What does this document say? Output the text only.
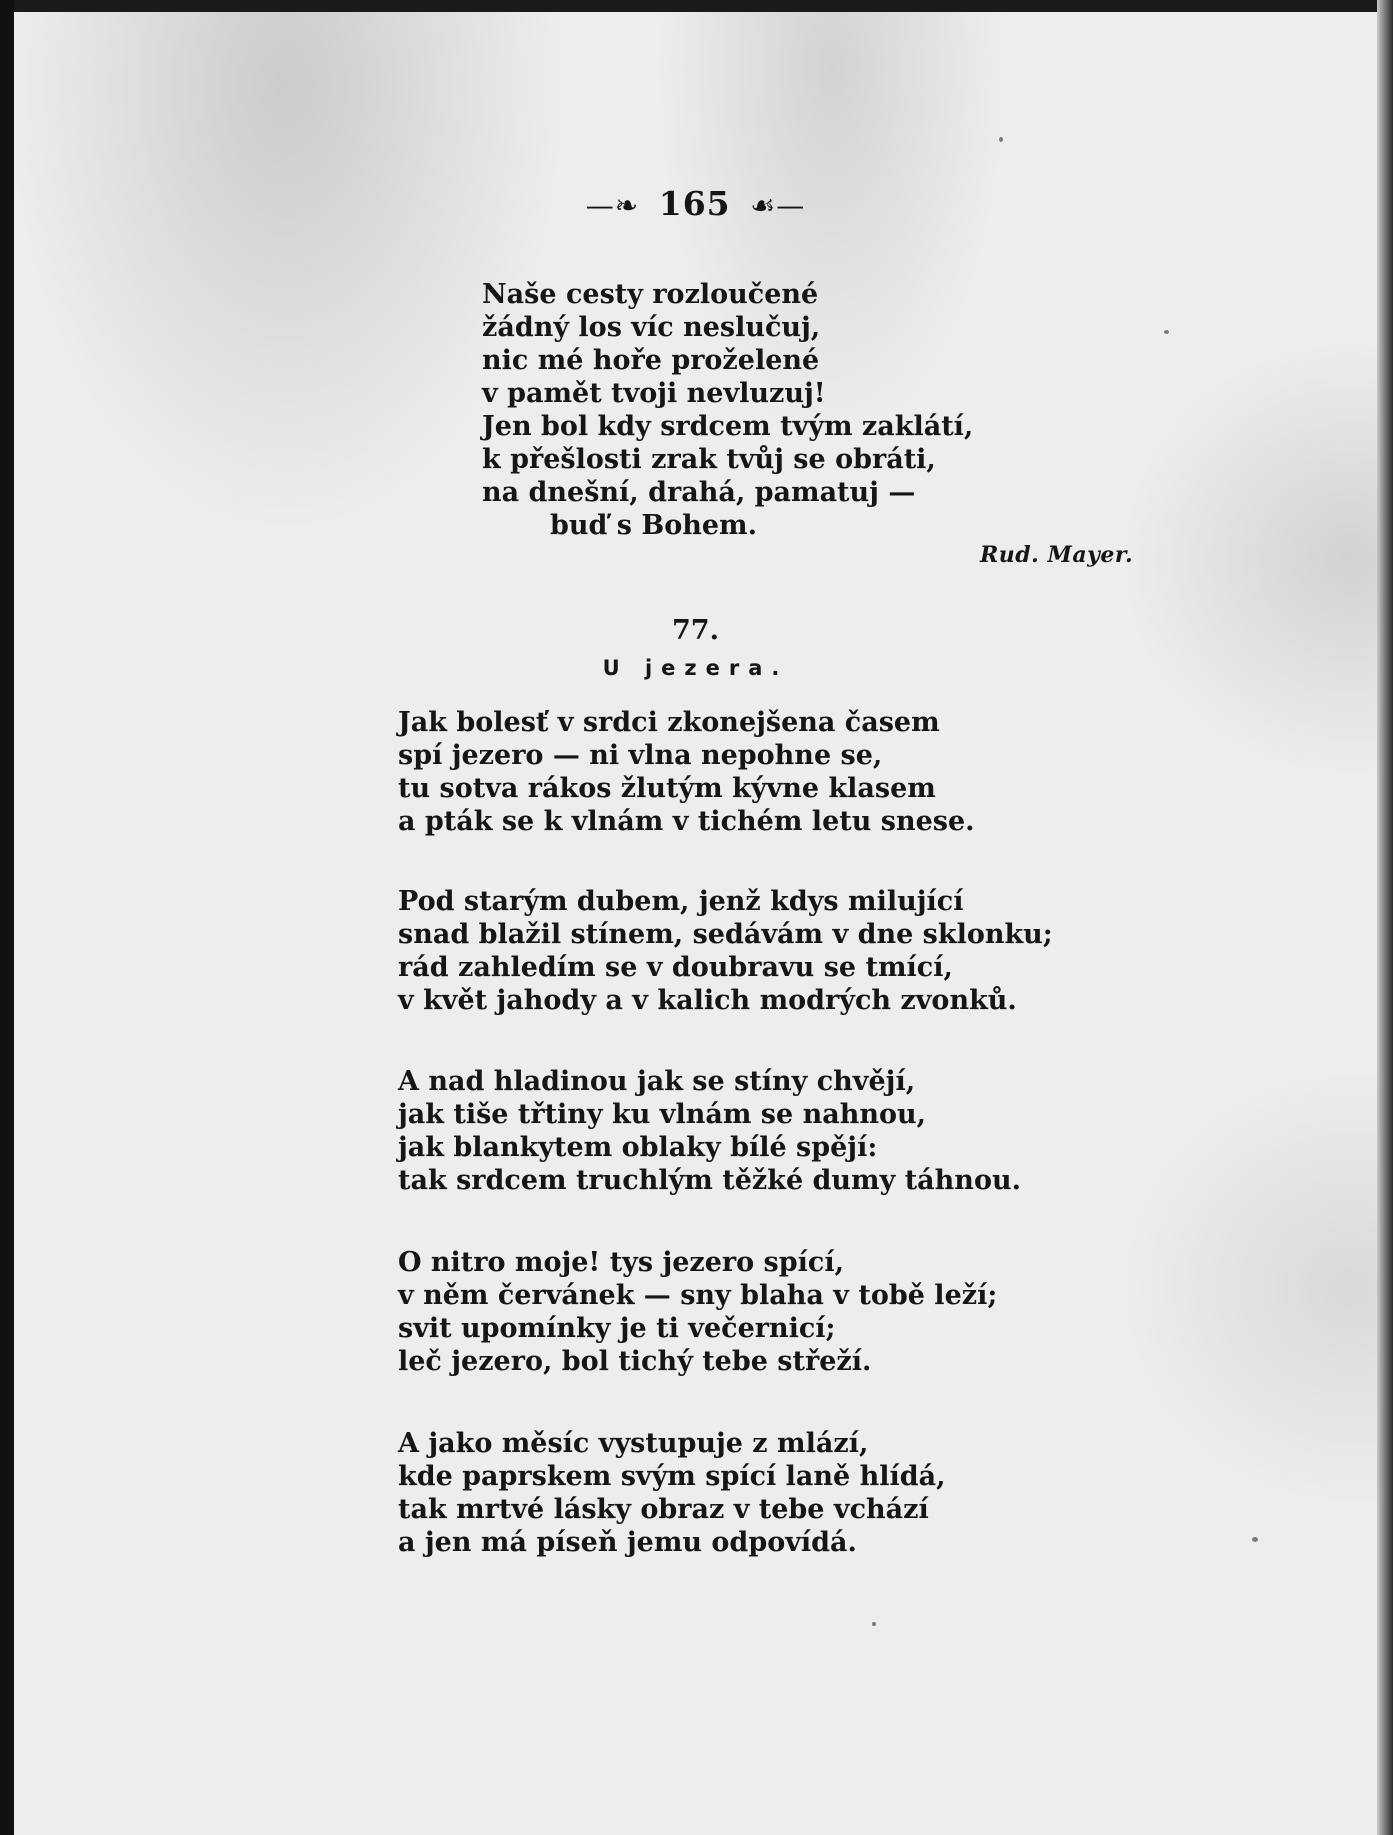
—❧ 165 ☙—
Naše cesty rozloučené
žádný los víc neslučuj,
nic mé hoře proželené
v pamět tvoji nevluzuj!
Jen bol kdy srdcem tvým zaklátí,
k přešlosti zrak tvůj se obráti,
na dnešní, drahá, pamatuj —
buď s Bohem.
Rud. Mayer.
77.
U jezera.
Jak bolesť v srdci zkonejšena časem
spí jezero — ni vlna nepohne se,
tu sotva rákos žlutým kývne klasem
a pták se k vlnám v tichém letu snese.
Pod starým dubem, jenž kdys milující
snad blažil stínem, sedávám v dne sklonku;
rád zahledím se v doubravu se tmící,
v květ jahody a v kalich modrých zvonků.
A nad hladinou jak se stíny chvějí,
jak tiše třtiny ku vlnám se nahnou,
jak blankytem oblaky bílé spějí:
tak srdcem truchlým těžké dumy táhnou.
O nitro moje! tys jezero spící,
v něm červánek — sny blaha v tobě leží;
svit upomínky je ti večernicí;
leč jezero, bol tichý tebe střeží.
A jako měsíc vystupuje z mlází,
kde paprskem svým spící laně hlídá,
tak mrtvé lásky obraz v tebe vchází
a jen má píseň jemu odpovídá.
